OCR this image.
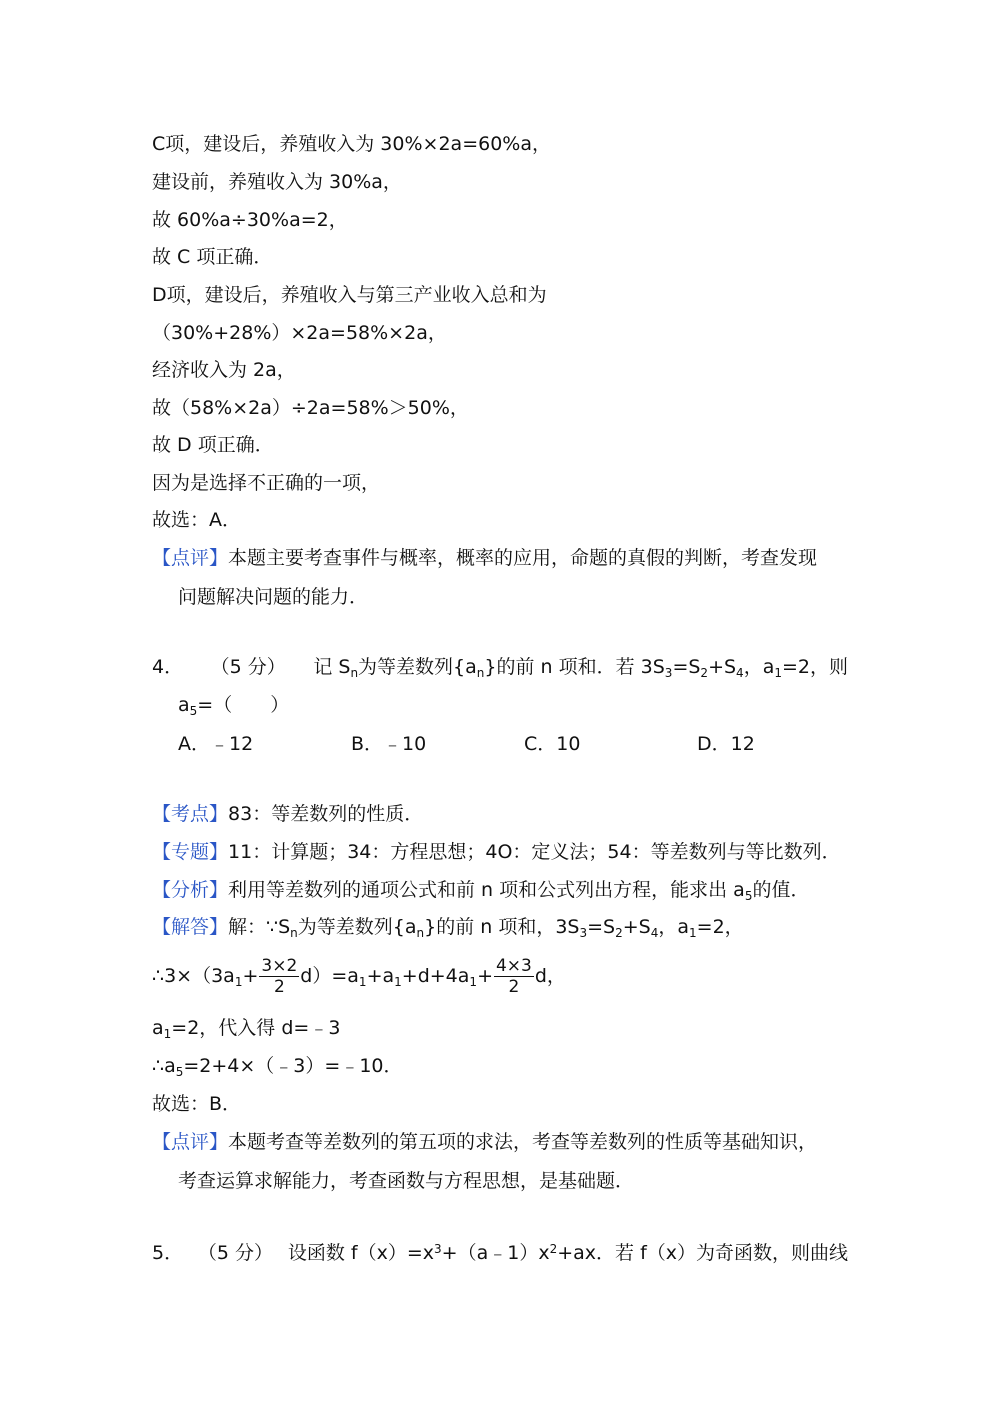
C项，建设后，养殖收入为 30%×2a=60%a，
建设前，养殖收入为 30%a，
故 60%a÷30%a=2，
故 C 项正确．
D项，建设后，养殖收入与第三产业收入总和为
（30%+28%）×2a=58%×2a，
经济收入为 2a，
故（58%×2a）÷2a=58%＞50%，
故 D 项正确．
因为是选择不正确的一项，
故选：A．
【点评】本题主要考查事件与概率，概率的应用，命题的真假的判断，考查发现
问题解决问题的能力．
4． （5 分） 记 $S_n$为等差数列$\{a_n\}$的前 n 项和．若 $3S_3=S_2+S_4$，$a_1=2$，则
$a_5=$（　　）
A．﹣12	B．﹣10	C．10	D．12
【考点】83：等差数列的性质．
【专题】11：计算题；34：方程思想；4O：定义法；54：等差数列与等比数列．
【分析】利用等差数列的通项公式和前 n 项和公式列出方程，能求出 $a_5$的值．
【解答】解：$\because S_n$为等差数列$\{a_n\}$的前 n 项和，$3S_3=S_2+S_4$，$a_1=2$，
$\therefore 3\times(3a_1+ \frac{3\times 2}{2} d)=a_1+a_1+d+4a_1+ \frac{4\times 3}{2}$ d，
$a_1=2$，代入得 d=﹣3
$\therefore a_5=2+4\times(﹣3)=﹣10$．
故选：B．
【点评】本题考查等差数列的第五项的求法，考查等差数列的性质等基础知识，
考查运算求解能力，考查函数与方程思想，是基础题．
5． （5 分） 设函数 $f(x)=x^3+(a﹣1)x^2+ax$．若 f（x）为奇函数，则曲线
